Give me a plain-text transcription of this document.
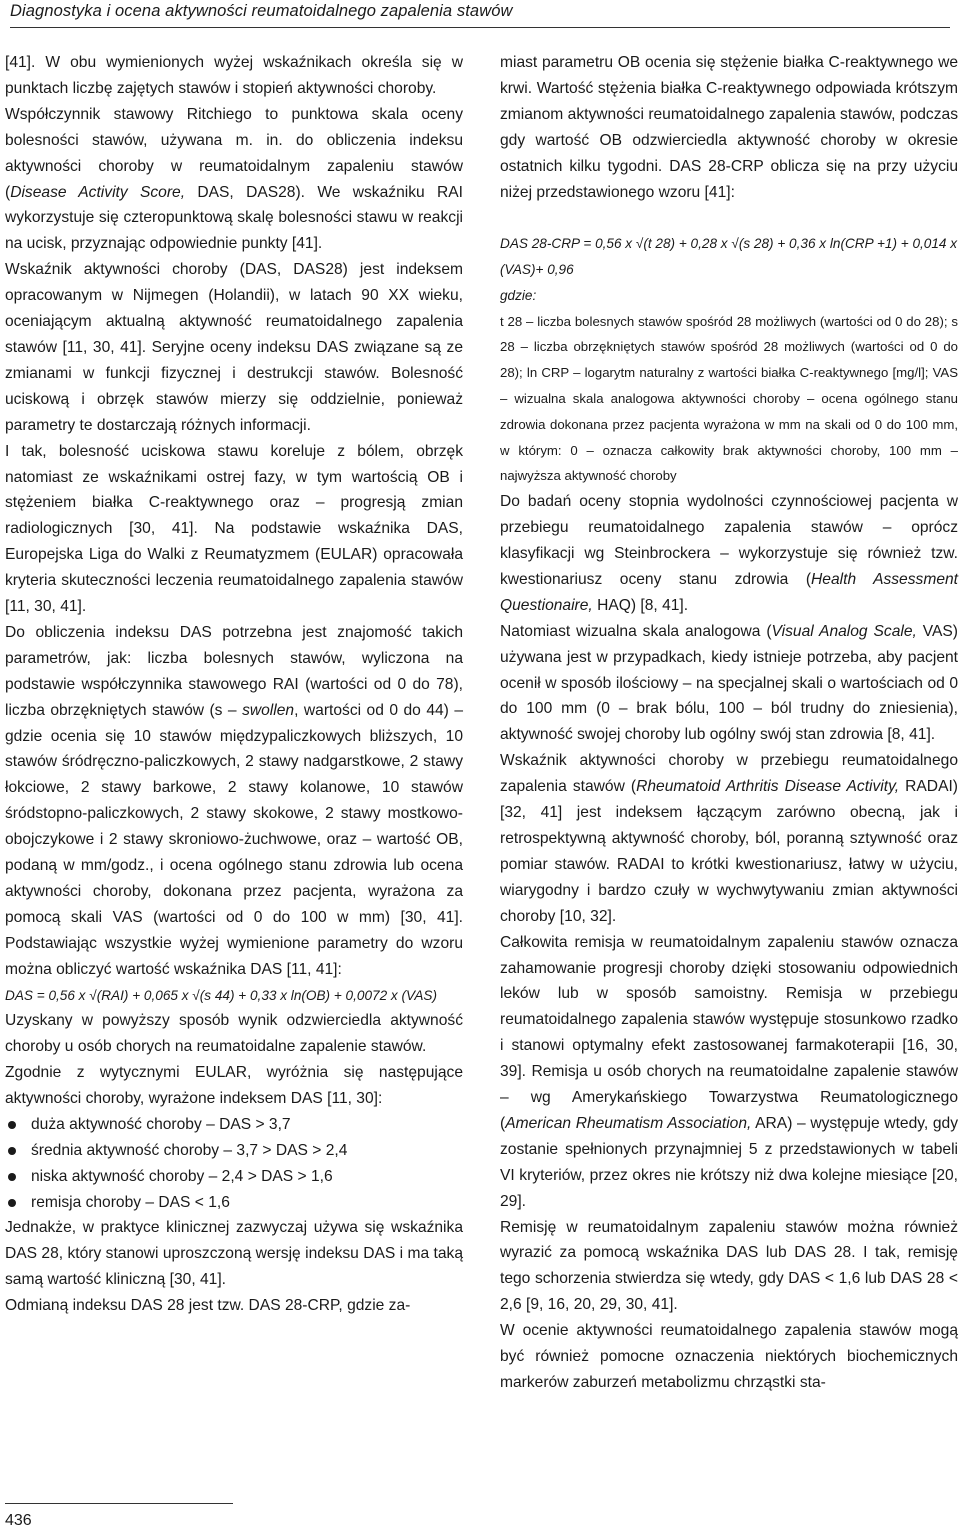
Diagnostyka i ocena aktywności reumatoidalnego zapalenia stawów

[41]. W obu wymienionych wyżej wskaźnikach określa się w punktach liczbę zajętych stawów i stopień aktywności choroby.

Współczynnik stawowy Ritchiego to punktowa skala oceny bolesności stawów, używana m. in. do obliczenia indeksu aktywności choroby w reumatoidalnym zapaleniu stawów (Disease Activity Score, DAS, DAS28). We wskaźniku RAI wykorzystuje się czteropunktową skalę bolesności stawu w reakcji na ucisk, przyznając odpowiednie punkty [41].

Wskaźnik aktywności choroby (DAS, DAS28) jest indeksem opracowanym w Nijmegen (Holandii), w latach 90 XX wieku, oceniającym aktualną aktywność reumatoidalnego zapalenia stawów [11, 30, 41]. Seryjne oceny indeksu DAS związane są ze zmianami w funkcji fizycznej i destrukcji stawów. Bolesność uciskową i obrzęk stawów mierzy się oddzielnie, ponieważ parametry te dostarczają różnych informacji.

I tak, bolesność uciskowa stawu koreluje z bólem, obrzęk natomiast ze wskaźnikami ostrej fazy, w tym wartością OB i stężeniem białka C-reaktywnego oraz – progresją zmian radiologicznych [30, 41]. Na podstawie wskaźnika DAS, Europejska Liga do Walki z Reumatyzmem (EULAR) opracowała kryteria skuteczności leczenia reumatoidalnego zapalenia stawów [11, 30, 41].

Do obliczenia indeksu DAS potrzebna jest znajomość takich parametrów, jak: liczba bolesnych stawów, wyliczona na podstawie współczynnika stawowego RAI (wartości od 0 do 78), liczba obrzękniętych stawów (s – swollen, wartości od 0 do 44) – gdzie ocenia się 10 stawów międzypaliczkowych bliższych, 10 stawów śródręczno-paliczkowych, 2 stawy nadgarstkowe, 2 stawy łokciowe, 2 stawy barkowe, 2 stawy kolanowe, 10 stawów śródstopno-paliczkowych, 2 stawy skokowe, 2 stawy mostkowo-obojczykowe i 2 stawy skroniowo-żuchwowe, oraz – wartość OB, podaną w mm/godz., i ocena ogólnego stanu zdrowia lub ocena aktywności choroby, dokonana przez pacjenta, wyrażona za pomocą skali VAS (wartości od 0 do 100 w mm) [30, 41]. Podstawiając wszystkie wyżej wymienione parametry do wzoru można obliczyć wartość wskaźnika DAS [11, 41]:

DAS = 0,56 x √(RAI) + 0,065 x √(s 44) + 0,33 x ln(OB) + 0,0072 x (VAS)

Uzyskany w powyższy sposób wynik odzwierciedla aktywność choroby u osób chorych na reumatoidalne zapalenie stawów.

Zgodnie z wytycznymi EULAR, wyróżnia się następujące aktywności choroby, wyrażone indeksem DAS [11, 30]:

duża aktywność choroby – DAS > 3,7
średnia aktywność choroby – 3,7 > DAS > 2,4
niska aktywność choroby – 2,4 > DAS > 1,6
remisja choroby – DAS < 1,6

Jednakże, w praktyce klinicznej zazwyczaj używa się wskaźnika DAS 28, który stanowi uproszczoną wersję indeksu DAS i ma taką samą wartość kliniczną [30, 41].

Odmianą indeksu DAS 28 jest tzw. DAS 28-CRP, gdzie za-

miast parametru OB ocenia się stężenie białka C-reaktywnego we krwi. Wartość stężenia białka C-reaktywnego odpowiada krótszym zmianom aktywności reumatoidalnego zapalenia stawów, podczas gdy wartość OB odzwierciedla aktywność choroby w okresie ostatnich kilku tygodni. DAS 28-CRP oblicza się na przy użyciu niżej przedstawionego wzoru [41]:

DAS 28-CRP = 0,56 x √(t 28) + 0,28 x √(s 28) + 0,36 x ln(CRP +1) + 0,014 x (VAS)+ 0,96

gdzie:

t 28 – liczba bolesnych stawów spośród 28 możliwych (wartości od 0 do 28); s 28 – liczba obrzękniętych stawów spośród 28 możliwych (wartości od 0 do 28); ln CRP – logarytm naturalny z wartości białka C-reaktywnego [mg/l]; VAS – wizualna skala analogowa aktywności choroby – ocena ogólnego stanu zdrowia dokonana przez pacjenta wyrażona w mm na skali od 0 do 100 mm, w którym: 0 – oznacza całkowity brak aktywności choroby, 100 mm – najwyższa aktywność choroby

Do badań oceny stopnia wydolności czynnościowej pacjenta w przebiegu reumatoidalnego zapalenia stawów – oprócz klasyfikacji wg Steinbrockera – wykorzystuje się również tzw. kwestionariusz oceny stanu zdrowia (Health Assessment Questionaire, HAQ) [8, 41].

Natomiast wizualna skala analogowa (Visual Analog Scale, VAS) używana jest w przypadkach, kiedy istnieje potrzeba, aby pacjent ocenił w sposób ilościowy – na specjalnej skali o wartościach od 0 do 100 mm (0 – brak bólu, 100 – ból trudny do zniesienia), aktywność swojej choroby lub ogólny swój stan zdrowia [8, 41].

Wskaźnik aktywności choroby w przebiegu reumatoidalnego zapalenia stawów (Rheumatoid Arthritis Disease Activity, RADAI) [32, 41] jest indeksem łączącym zarówno obecną, jak i retrospektywną aktywność choroby, ból, poranną sztywność oraz pomiar stawów. RADAI to krótki kwestionariusz, łatwy w użyciu, wiarygodny i bardzo czuły w wychwytywaniu zmian aktywności choroby [10, 32].

Całkowita remisja w reumatoidalnym zapaleniu stawów oznacza zahamowanie progresji choroby dzięki stosowaniu odpowiednich leków lub w sposób samoistny. Remisja w przebiegu reumatoidalnego zapalenia stawów występuje stosunkowo rzadko i stanowi optymalny efekt zastosowanej farmakoterapii [16, 30, 39]. Remisja u osób chorych na reumatoidalne zapalenie stawów – wg Amerykańskiego Towarzystwa Reumatologicznego (American Rheumatism Association, ARA) – występuje wtedy, gdy zostanie spełnionych przynajmniej 5 z przedstawionych w tabeli VI kryteriów, przez okres nie krótszy niż dwa kolejne miesiące [20, 29].

Remisję w reumatoidalnym zapaleniu stawów można również wyrazić za pomocą wskaźnika DAS lub DAS 28. I tak, remisję tego schorzenia stwierdza się wtedy, gdy DAS < 1,6 lub DAS 28 < 2,6 [9, 16, 20, 29, 30, 41].

W ocenie aktywności reumatoidalnego zapalenia stawów mogą być również pomocne oznaczenia niektórych biochemicznych markerów zaburzeń metabolizmu chrząstki sta-

436
